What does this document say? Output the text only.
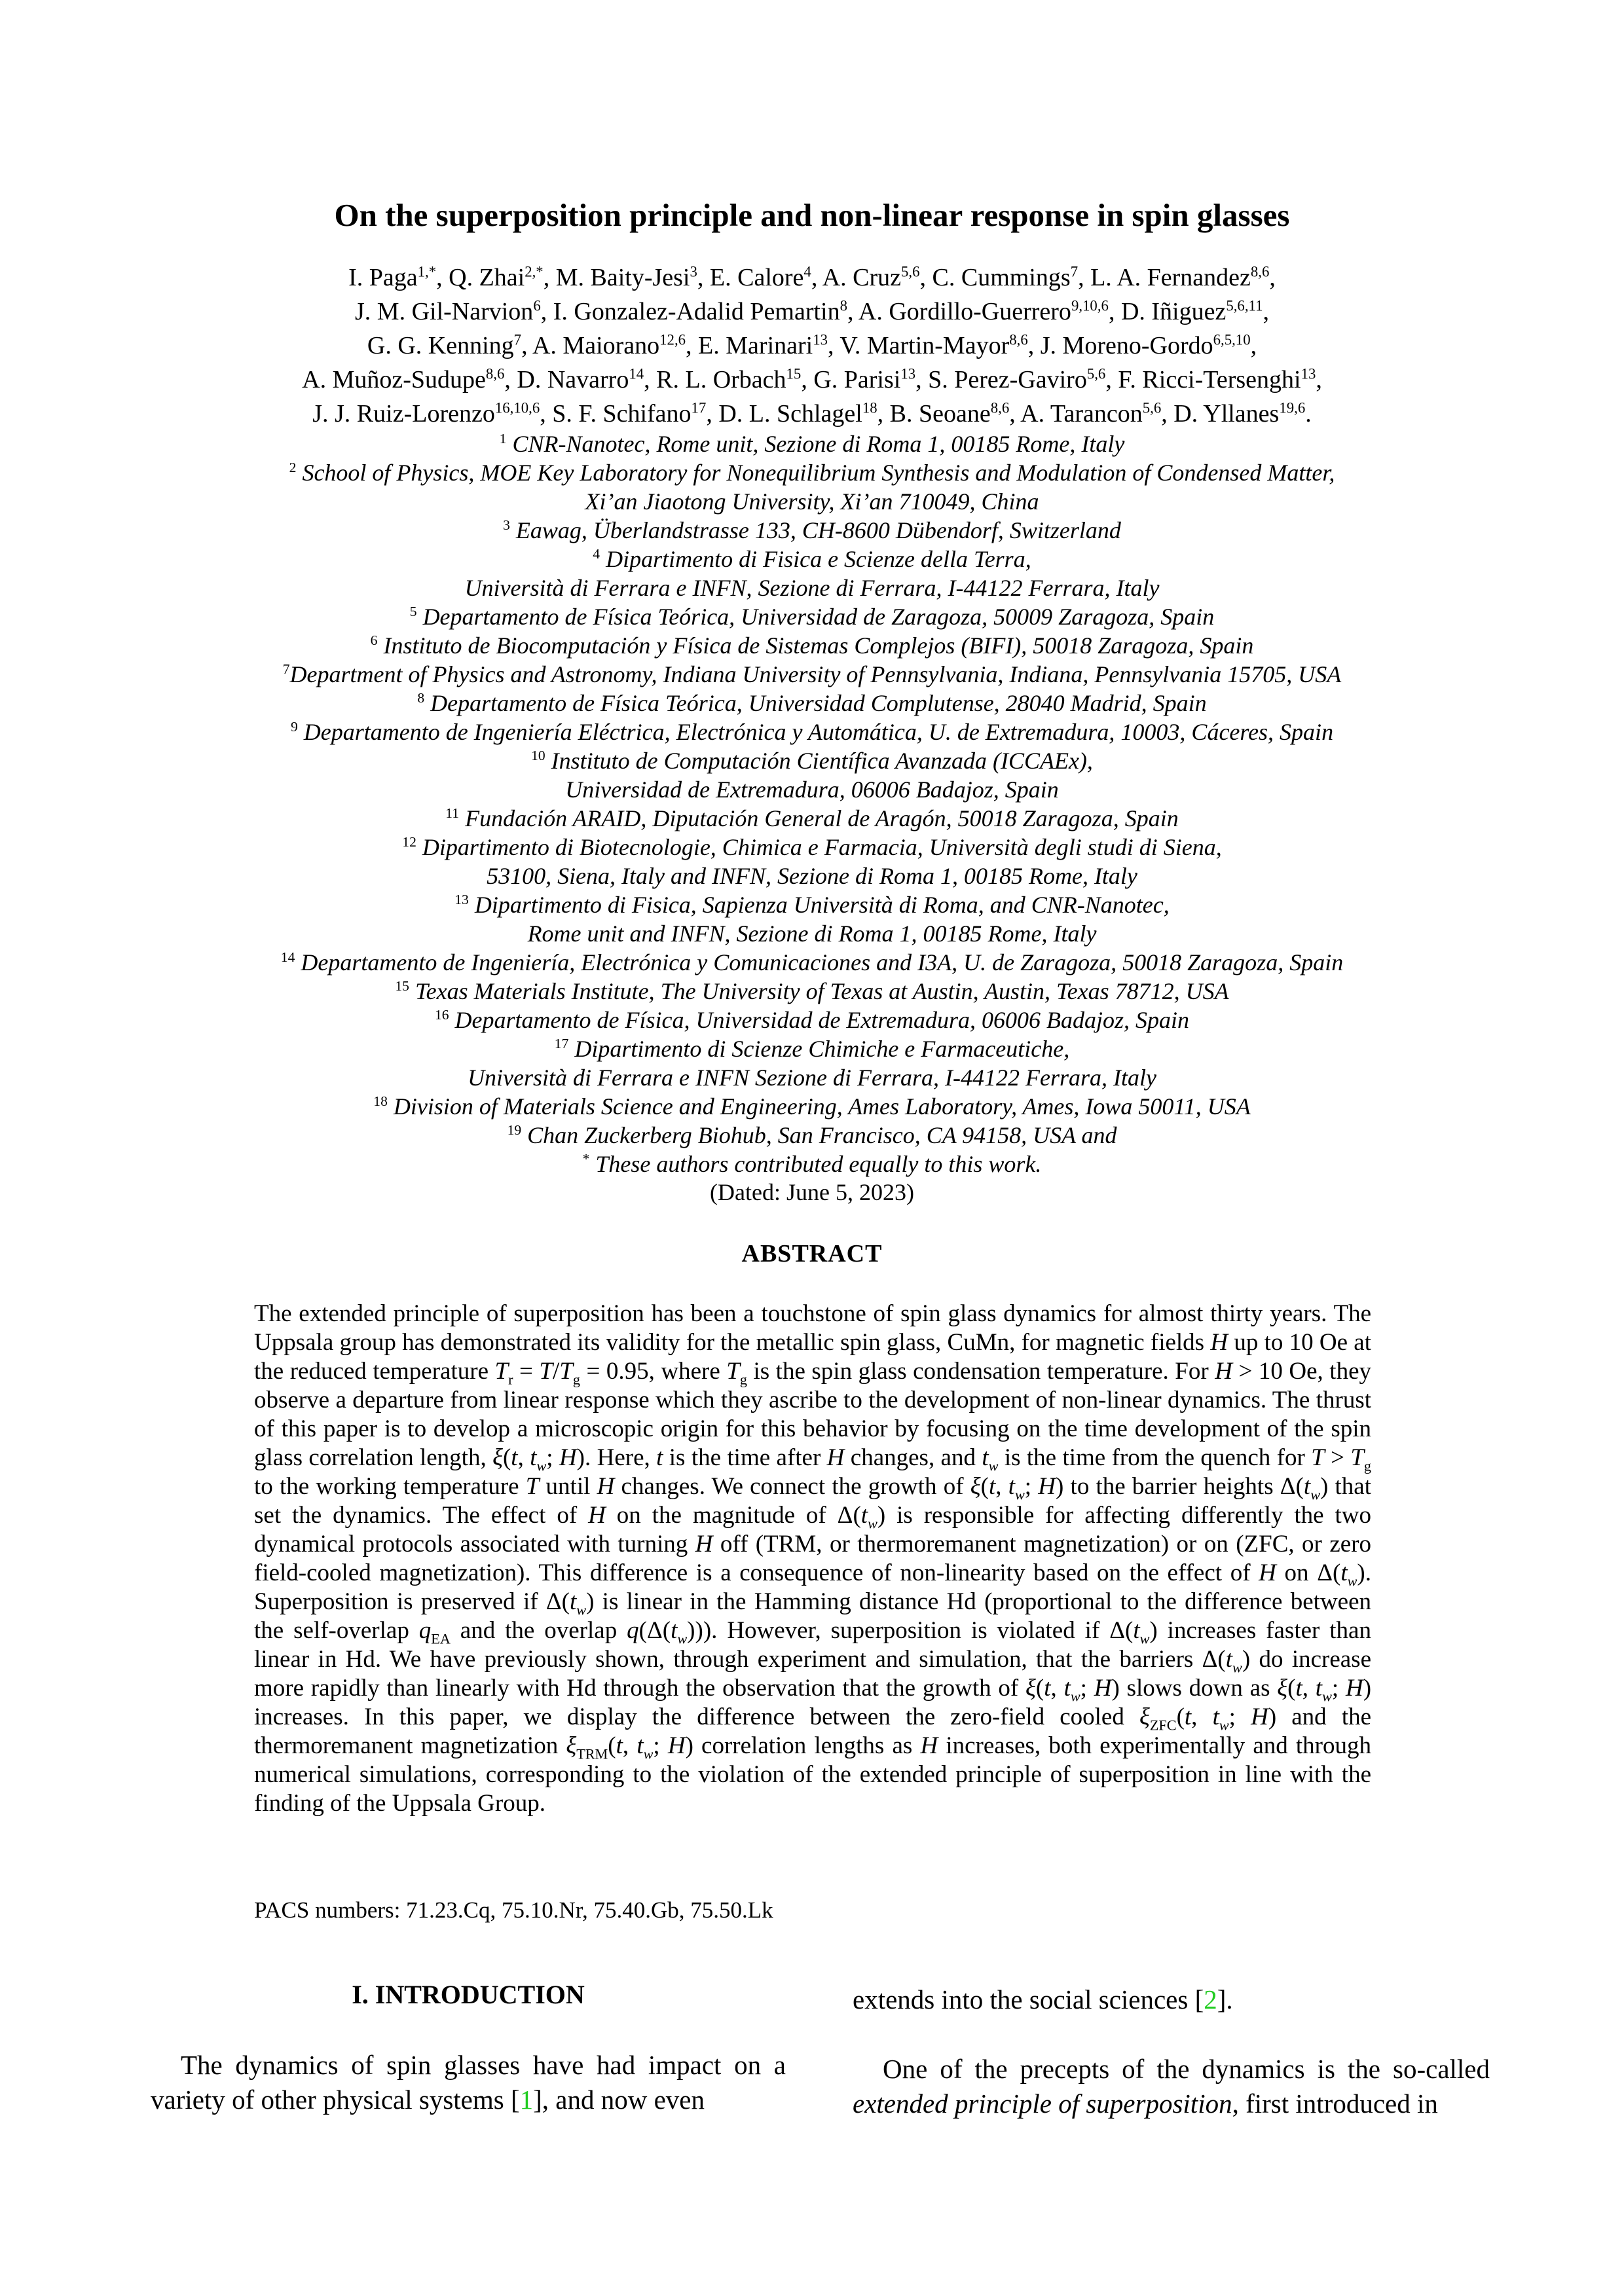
On the superposition principle and non-linear response in spin glasses
I. Paga$^{1,*}$, Q. Zhai$^{2,*}$, M. Baity-Jesi$^3$, E. Calore$^4$, A. Cruz$^{5,6}$, C. Cummings$^7$, L. A. Fernandez$^{8,6}$,
J. M. Gil-Narvion$^6$, I. Gonzalez-Adalid Pemartin$^8$, A. Gordillo-Guerrero$^{9,10,6}$, D. Iñiguez$^{5,6,11}$,
G. G. Kenning$^7$, A. Maiorano$^{12,6}$, E. Marinari$^{13}$, V. Martin-Mayor$^{8,6}$, J. Moreno-Gordo$^{6,5,10}$,
A. Muñoz-Sudupe$^{8,6}$, D. Navarro$^{14}$, R. L. Orbach$^{15}$, G. Parisi$^{13}$, S. Perez-Gaviro$^{5,6}$, F. Ricci-Tersenghi$^{13}$,
J. J. Ruiz-Lorenzo$^{16,10,6}$, S. F. Schifano$^{17}$, D. L. Schlagel$^{18}$, B. Seoane$^{8,6}$, A. Tarancon$^{5,6}$, D. Yllanes$^{19,6}$.
$^1$ CNR-Nanotec, Rome unit, Sezione di Roma 1, 00185 Rome, Italy
$^2$ School of Physics, MOE Key Laboratory for Nonequilibrium Synthesis and Modulation of Condensed Matter,
Xi’an Jiaotong University, Xi’an 710049, China
$^3$ Eawag, Überlandstrasse 133, CH-8600 Dübendorf, Switzerland
$^4$ Dipartimento di Fisica e Scienze della Terra,
Università di Ferrara e INFN, Sezione di Ferrara, I-44122 Ferrara, Italy
$^5$ Departamento de Física Teórica, Universidad de Zaragoza, 50009 Zaragoza, Spain
$^6$ Instituto de Biocomputación y Física de Sistemas Complejos (BIFI), 50018 Zaragoza, Spain
$^7$Department of Physics and Astronomy, Indiana University of Pennsylvania, Indiana, Pennsylvania 15705, USA
$^8$ Departamento de Física Teórica, Universidad Complutense, 28040 Madrid, Spain
$^9$ Departamento de Ingeniería Eléctrica, Electrónica y Automática, U. de Extremadura, 10003, Cáceres, Spain
$^{10}$ Instituto de Computación Científica Avanzada (ICCAEx),
Universidad de Extremadura, 06006 Badajoz, Spain
$^{11}$ Fundación ARAID, Diputación General de Aragón, 50018 Zaragoza, Spain
$^{12}$ Dipartimento di Biotecnologie, Chimica e Farmacia, Università degli studi di Siena,
53100, Siena, Italy and INFN, Sezione di Roma 1, 00185 Rome, Italy
$^{13}$ Dipartimento di Fisica, Sapienza Università di Roma, and CNR-Nanotec,
Rome unit and INFN, Sezione di Roma 1, 00185 Rome, Italy
$^{14}$ Departamento de Ingeniería, Electrónica y Comunicaciones and I3A, U. de Zaragoza, 50018 Zaragoza, Spain
$^{15}$ Texas Materials Institute, The University of Texas at Austin, Austin, Texas 78712, USA
$^{16}$ Departamento de Física, Universidad de Extremadura, 06006 Badajoz, Spain
$^{17}$ Dipartimento di Scienze Chimiche e Farmaceutiche,
Università di Ferrara e INFN Sezione di Ferrara, I-44122 Ferrara, Italy
$^{18}$ Division of Materials Science and Engineering, Ames Laboratory, Ames, Iowa 50011, USA
$^{19}$ Chan Zuckerberg Biohub, San Francisco, CA 94158, USA and
* These authors contributed equally to this work.
(Dated: June 5, 2023)
ABSTRACT
The extended principle of superposition has been a touchstone of spin glass dynamics for almost thirty years. The Uppsala group has demonstrated its validity for the metallic spin glass, CuMn, for magnetic fields H up to 10 Oe at the reduced temperature $T_r = T/T_g = 0.95$, where $T_g$ is the spin glass condensation temperature. For H > 10 Oe, they observe a departure from linear response which they ascribe to the development of non-linear dynamics. The thrust of this paper is to develop a microscopic origin for this behavior by focusing on the time development of the spin glass correlation length, ξ(t, $t_w$; H). Here, t is the time after H changes, and $t_w$ is the time from the quench for $T > T_g$ to the working temperature T until H changes. We connect the growth of ξ(t, $t_w$; H) to the barrier heights $\Delta(t_w)$ that set the dynamics. The effect of H on the magnitude of $\Delta(t_w)$ is responsible for affecting differently the two dynamical protocols associated with turning H off (TRM, or thermoremanent magnetization) or on (ZFC, or zero field-cooled magnetization). This difference is a consequence of non-linearity based on the effect of H on $\Delta(t_w)$. Superposition is preserved if $\Delta(t_w)$ is linear in the Hamming distance Hd (proportional to the difference between the self-overlap $q_{EA}$ and the overlap $q(\Delta(t_w))$). However, superposition is violated if $\Delta(t_w)$ increases faster than linear in Hd. We have previously shown, through experiment and simulation, that the barriers $\Delta(t_w)$ do increase more rapidly than linearly with Hd through the observation that the growth of ξ(t, $t_w$; H) slows down as ξ(t, $t_w$; H) increases. In this paper, we display the difference between the zero-field cooled $\xi_{ZFC}(t$, $t_w$; H) and the thermoremanent magnetization $\xi_{TRM}(t$, $t_w$; H) correlation lengths as H increases, both experimentally and through numerical simulations, corresponding to the violation of the extended principle of superposition in line with the finding of the Uppsala Group.
PACS numbers: 71.23.Cq, 75.10.Nr, 75.40.Gb, 75.50.Lk
I. INTRODUCTION

The dynamics of spin glasses have had impact on a variety of other physical systems [1], and now even

extends into the social sciences [2].

One of the precepts of the dynamics is the so-called extended principle of superposition, first introduced in
